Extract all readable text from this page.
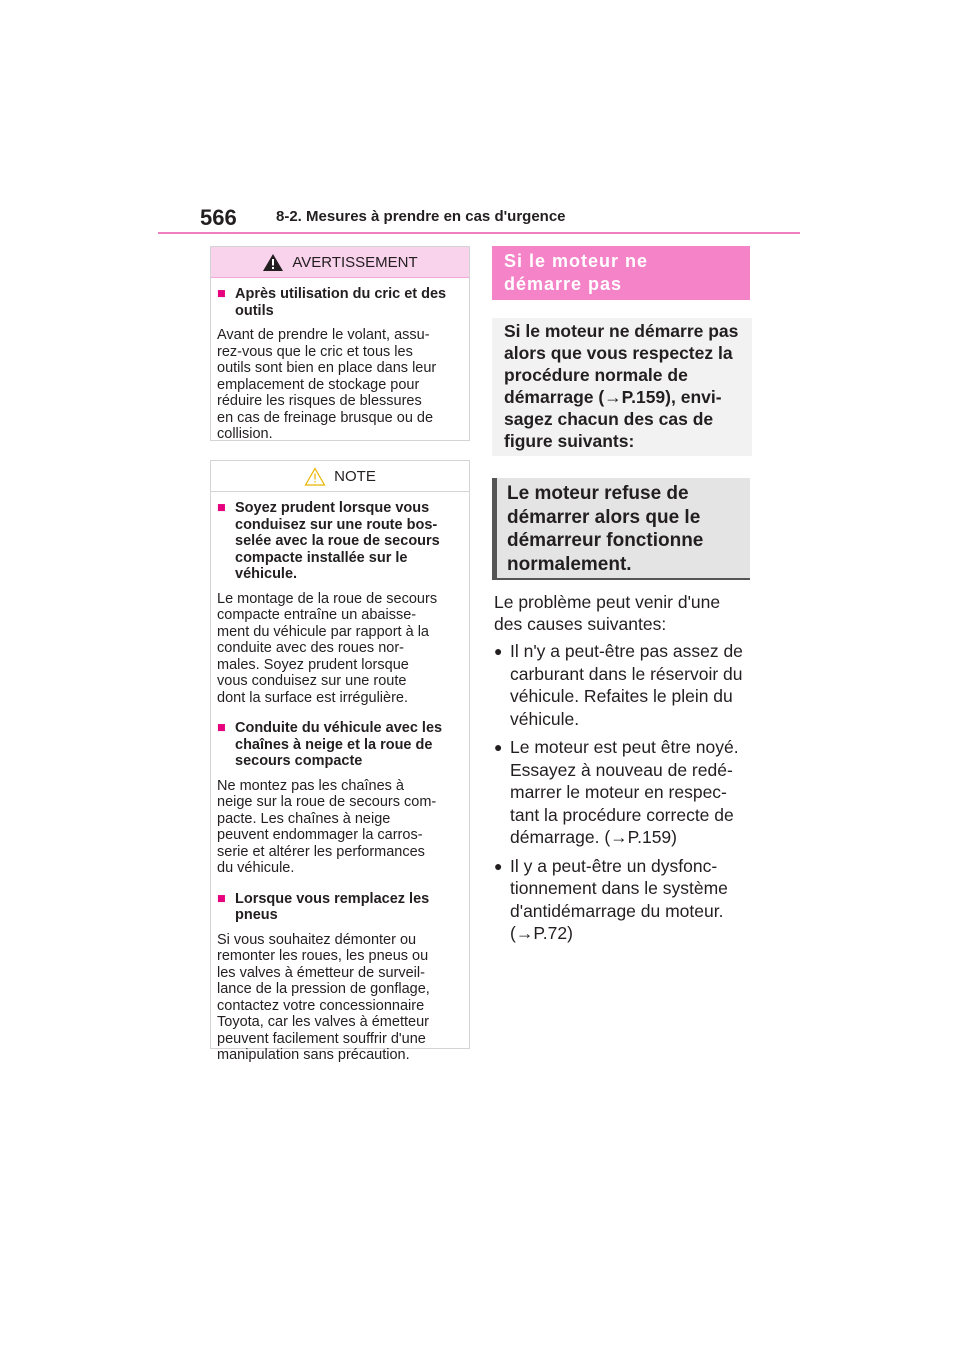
566	8-2. Mesures à prendre en cas d'urgence
AVERTISSEMENT
■ Après utilisation du cric et des outils
Avant de prendre le volant, assu-
rez-vous que le cric et tous les
outils sont bien en place dans leur
emplacement de stockage pour
réduire les risques de blessures
en cas de freinage brusque ou de
collision.
NOTE
■ Soyez prudent lorsque vous conduisez sur une route bos-selée avec la roue de secours compacte installée sur le véhicule.
Le montage de la roue de secours
compacte entraîne un abaisse-
ment du véhicule par rapport à la
conduite avec des roues nor-
males. Soyez prudent lorsque
vous conduisez sur une route
dont la surface est irrégulière.
■ Conduite du véhicule avec les chaînes à neige et la roue de secours compacte
Ne montez pas les chaînes à
neige sur la roue de secours com-
pacte. Les chaînes à neige
peuvent endommager la carros-
serie et altérer les performances
du véhicule.
■ Lorsque vous remplacez les pneus
Si vous souhaitez démonter ou
remonter les roues, les pneus ou
les valves à émetteur de surveil-
lance de la pression de gonflage,
contactez votre concessionnaire
Toyota, car les valves à émetteur
peuvent facilement souffrir d'une
manipulation sans précaution.
Si le moteur ne
démarre pas
Si le moteur ne démarre pas
alors que vous respectez la
procédure normale de
démarrage (→P.159), envi-
sagez chacun des cas de
figure suivants:
Le moteur refuse de
démarrer alors que le
démarreur fonctionne
normalement.
Le problème peut venir d'une
des causes suivantes:
● Il n'y a peut-être pas assez de
carburant dans le réservoir du
véhicule. Refaites le plein du
véhicule.
● Le moteur est peut être noyé.
Essayez à nouveau de redé-
marrer le moteur en respec-
tant la procédure correcte de
démarrage. (→P.159)
● Il y a peut-être un dysfonc-
tionnement dans le système
d'antidémarrage du moteur.
(→P.72)
